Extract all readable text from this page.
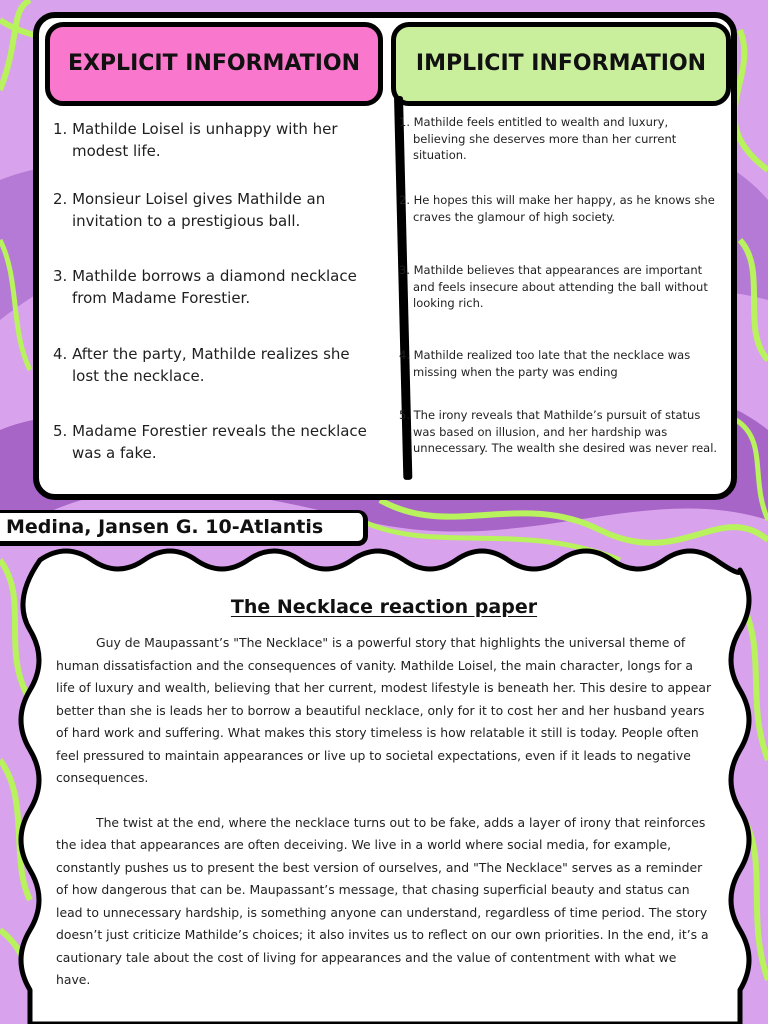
EXPLICIT INFORMATION	IMPLICIT INFORMATION
1. Mathilde Loisel is unhappy with her modest life.
2. Monsieur Loisel gives Mathilde an invitation to a prestigious ball.
3. Mathilde borrows a diamond necklace from Madame Forestier.
4. After the party, Mathilde realizes she lost the necklace.
5. Madame Forestier reveals the necklace was a fake.
1. Mathilde feels entitled to wealth and luxury, believing she deserves more than her current situation.
2. He hopes this will make her happy, as he knows she craves the glamour of high society.
3. Mathilde believes that appearances are important and feels insecure about attending the ball without looking rich.
4. Mathilde realized too late that the necklace was missing when the party was ending
5. The irony reveals that Mathilde’s pursuit of status was based on illusion, and her hardship was unnecessary. The wealth she desired was never real.
Medina, Jansen G. 10-Atlantis
The Necklace reaction paper

Guy de Maupassant’s "The Necklace" is a powerful story that highlights the universal theme of human dissatisfaction and the consequences of vanity. Mathilde Loisel, the main character, longs for a life of luxury and wealth, believing that her current, modest lifestyle is beneath her. This desire to appear better than she is leads her to borrow a beautiful necklace, only for it to cost her and her husband years of hard work and suffering. What makes this story timeless is how relatable it still is today. People often feel pressured to maintain appearances or live up to societal expectations, even if it leads to negative consequences.

The twist at the end, where the necklace turns out to be fake, adds a layer of irony that reinforces the idea that appearances are often deceiving. We live in a world where social media, for example, constantly pushes us to present the best version of ourselves, and "The Necklace" serves as a reminder of how dangerous that can be. Maupassant’s message, that chasing superficial beauty and status can lead to unnecessary hardship, is something anyone can understand, regardless of time period. The story doesn’t just criticize Mathilde’s choices; it also invites us to reflect on our own priorities. In the end, it’s a cautionary tale about the cost of living for appearances and the value of contentment with what we have.
